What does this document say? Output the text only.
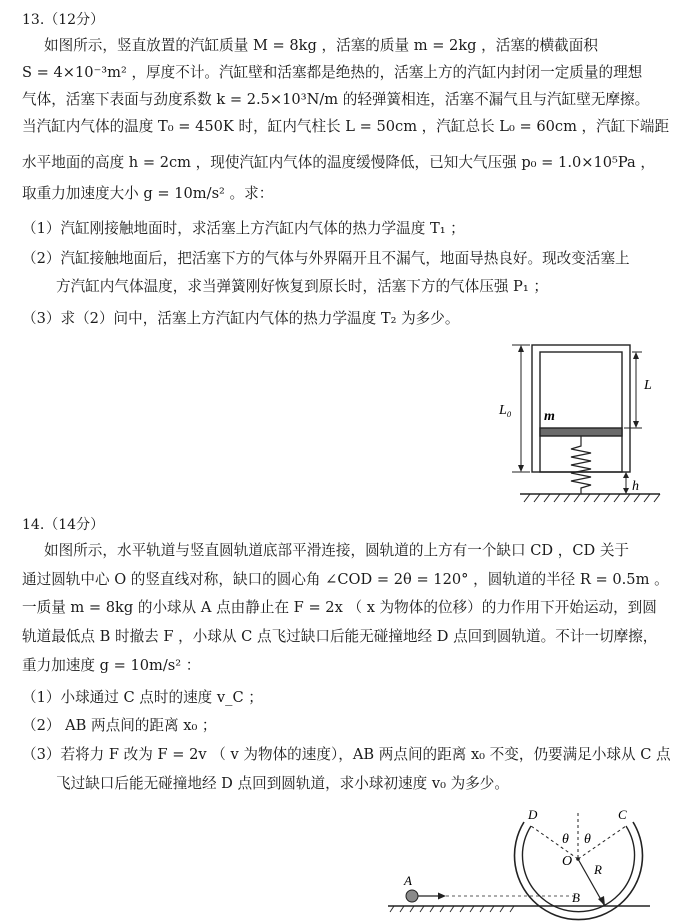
13.（12分）
如图所示，竖直放置的汽缸质量 M = 8kg ，活塞的质量 m = 2kg ，活塞的横截面积
S = 4×10⁻³m² ，厚度不计。汽缸壁和活塞都是绝热的，活塞上方的汽缸内封闭一定质量的理想
气体，活塞下表面与劲度系数 k = 2.5×10³N/m 的轻弹簧相连，活塞不漏气且与汽缸壁无摩擦。
当汽缸内气体的温度 T₀ = 450K 时，缸内气柱长 L = 50cm ，汽缸总长 L₀ = 60cm ，汽缸下端距
水平地面的高度 h = 2cm ，现使汽缸内气体的温度缓慢降低，已知大气压强 p₀ = 1.0×10⁵Pa ，
取重力加速度大小 g = 10m/s² 。求：
（1）汽缸刚接触地面时，求活塞上方汽缸内气体的热力学温度 T₁ ；
（2）汽缸接触地面后，把活塞下方的气体与外界隔开且不漏气，地面导热良好。现改变活塞上
方汽缸内气体温度，求当弹簧刚好恢复到原长时，活塞下方的气体压强 P₁ ；
（3）求（2）问中，活塞上方汽缸内气体的热力学温度 T₂ 为多少。
L₀
L
m
h
14.（14分）
如图所示，水平轨道与竖直圆轨道底部平滑连接，圆轨道的上方有一个缺口 CD ，CD 关于
通过圆轨中心 O 的竖直线对称，缺口的圆心角 ∠COD = 2θ = 120° ，圆轨道的半径 R = 0.5m 。
一质量 m = 8kg 的小球从 A 点由静止在 F = 2x （ x 为物体的位移）的力作用下开始运动，到圆
轨道最低点 B 时撤去 F ，小球从 C 点飞过缺口后能无碰撞地经 D 点回到圆轨道。不计一切摩擦，
重力加速度 g = 10m/s² ：
（1）小球通过 C 点时的速度 v_C ；
（2） AB 两点间的距离 x₀ ；
（3）若将力 F 改为 F = 2v （ v 为物体的速度），AB 两点间的距离 x₀ 不变，仍要满足小球从 C 点
飞过缺口后能无碰撞地经 D 点回到圆轨道，求小球初速度 v₀ 为多少。
D	C
θ θ
O
R
A
B
